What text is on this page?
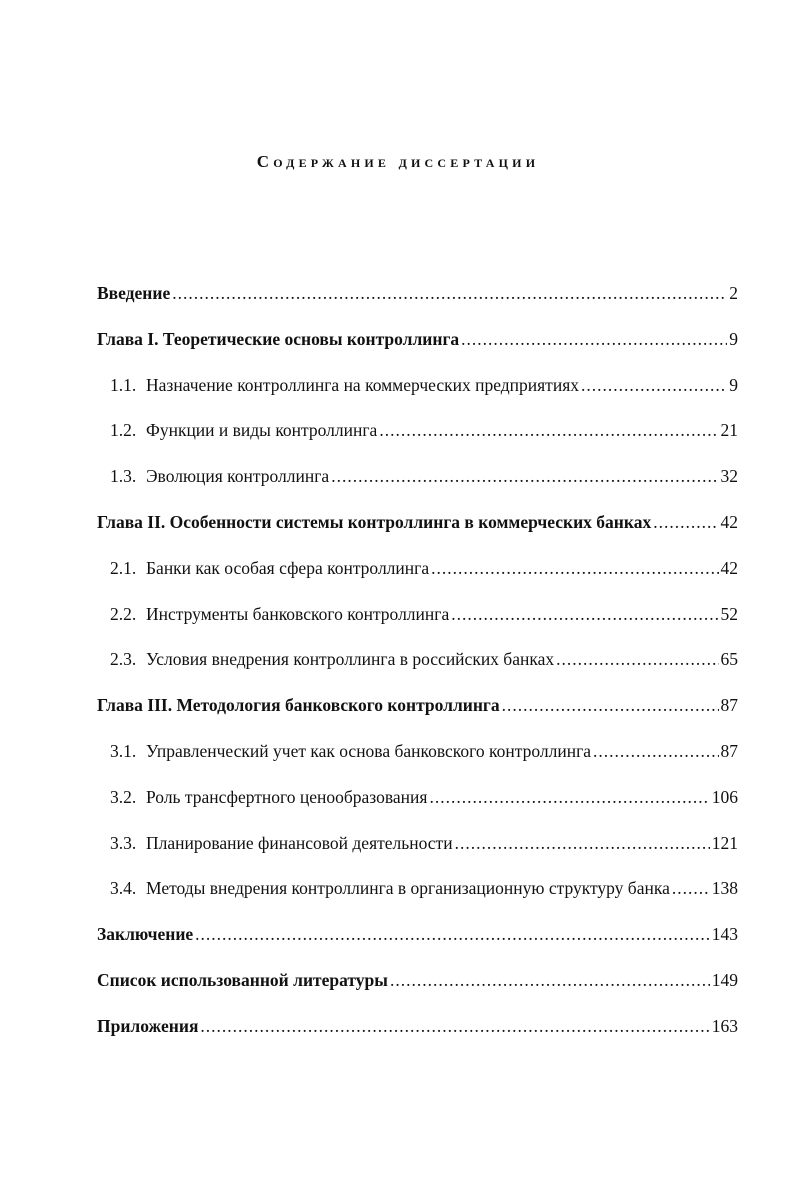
Содержание диссертации
Введение .....	2
Глава I. Теоретические основы контроллинга .....	9
1.1. Назначение контроллинга на коммерческих предприятиях .....	9
1.2. Функции и виды контроллинга .....	21
1.3. Эволюция контроллинга .....	32
Глава II. Особенности системы контроллинга в коммерческих банках .....	42
2.1. Банки как особая сфера контроллинга .....	42
2.2. Инструменты банковского контроллинга .....	52
2.3. Условия внедрения контроллинга в российских банках .....	65
Глава III. Методология банковского контроллинга .....	87
3.1. Управленческий учет как основа банковского контроллинга .....	87
3.2. Роль трансфертного ценообразования .....	106
3.3. Планирование финансовой деятельности .....	121
3.4. Методы внедрения контроллинга в организационную структуру банка ..... 138
Заключение .....	143
Список использованной литературы .....	149
Приложения .....	163
